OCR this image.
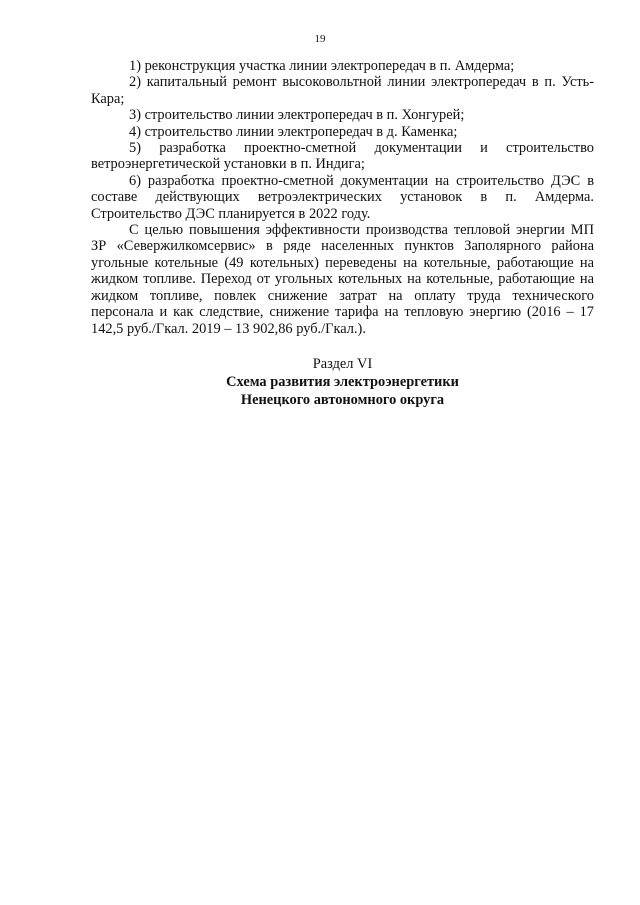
19

1) реконструкция участка линии электропередач в п. Амдерма;

2) капитальный ремонт высоковольтной линии электропередач в п. Усть-Кара;

3) строительство линии электропередач в п. Хонгурей;

4) строительство линии электропередач в д. Каменка;

5) разработка проектно-сметной документации и строительство ветроэнергетической установки в п. Индига;

6) разработка проектно-сметной документации на строительство ДЭС в составе действующих ветроэлектрических установок в п. Амдерма. Строительство ДЭС планируется в 2022 году.

С целью повышения эффективности производства тепловой энергии МП ЗР «Севержилкомсервис» в ряде населенных пунктов Заполярного района угольные котельные (49 котельных) переведены на котельные, работающие на жидком топливе. Переход от угольных котельных на котельные, работающие на жидком топливе, повлек снижение затрат на оплату труда технического персонала и как следствие, снижение тарифа на тепловую энергию (2016 – 17 142,5 руб./Гкал. 2019 – 13 902,86 руб./Гкал.).

Раздел VI
Схема развития электроэнергетики
Ненецкого автономного округа
